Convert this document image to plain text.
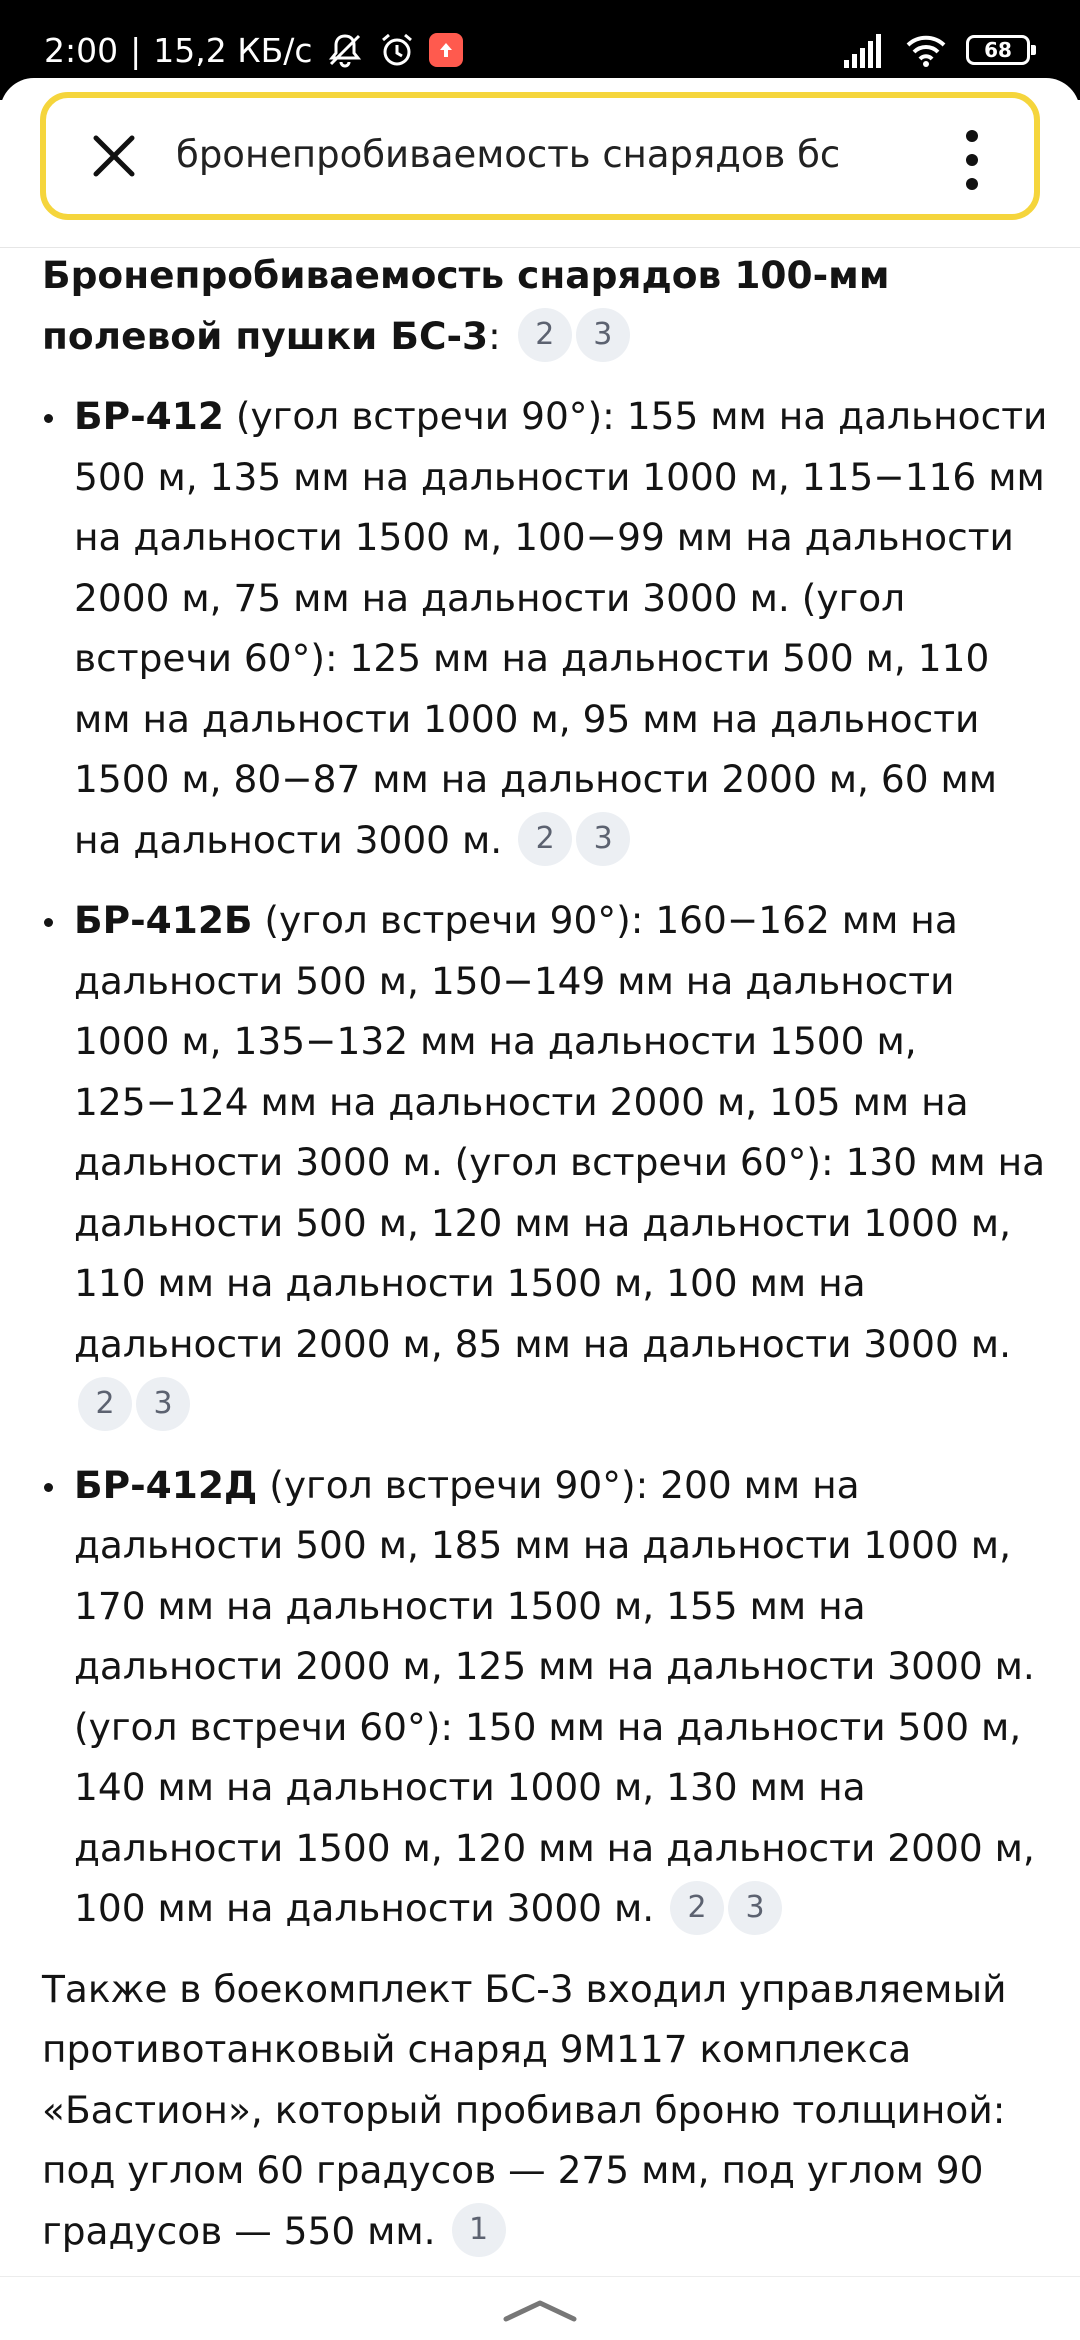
2:00 | 15,2 КБ/с	68
бронепробиваемость снарядов бс

Бронепробиваемость снарядов 100-мм полевой пушки БС-3: 2 3

БР-412 (угол встречи 90°): 155 мм на дальности 500 м, 135 мм на дальности 1000 м, 115−116 мм на дальности 1500 м, 100−99 мм на дальности 2000 м, 75 мм на дальности 3000 м. (угол встречи 60°): 125 мм на дальности 500 м, 110 мм на дальности 1000 м, 95 мм на дальности 1500 м, 80−87 мм на дальности 2000 м, 60 мм на дальности 3000 м. 2 3
БР-412Б (угол встречи 90°): 160−162 мм на дальности 500 м, 150−149 мм на дальности 1000 м, 135−132 мм на дальности 1500 м, 125−124 мм на дальности 2000 м, 105 мм на дальности 3000 м. (угол встречи 60°): 130 мм на дальности 500 м, 120 мм на дальности 1000 м, 110 мм на дальности 1500 м, 100 мм на дальности 2000 м, 85 мм на дальности 3000 м. 2 3
БР-412Д (угол встречи 90°): 200 мм на дальности 500 м, 185 мм на дальности 1000 м, 170 мм на дальности 1500 м, 155 мм на дальности 2000 м, 125 мм на дальности 3000 м. (угол встречи 60°): 150 мм на дальности 500 м, 140 мм на дальности 1000 м, 130 мм на дальности 1500 м, 120 мм на дальности 2000 м, 100 мм на дальности 3000 м. 2 3

Также в боекомплект БС-3 входил управляемый противотанковый снаряд 9М117 комплекса «Бастион», который пробивал броню толщиной: под углом 60 градусов — 275 мм, под углом 90 градусов — 550 мм. 1
